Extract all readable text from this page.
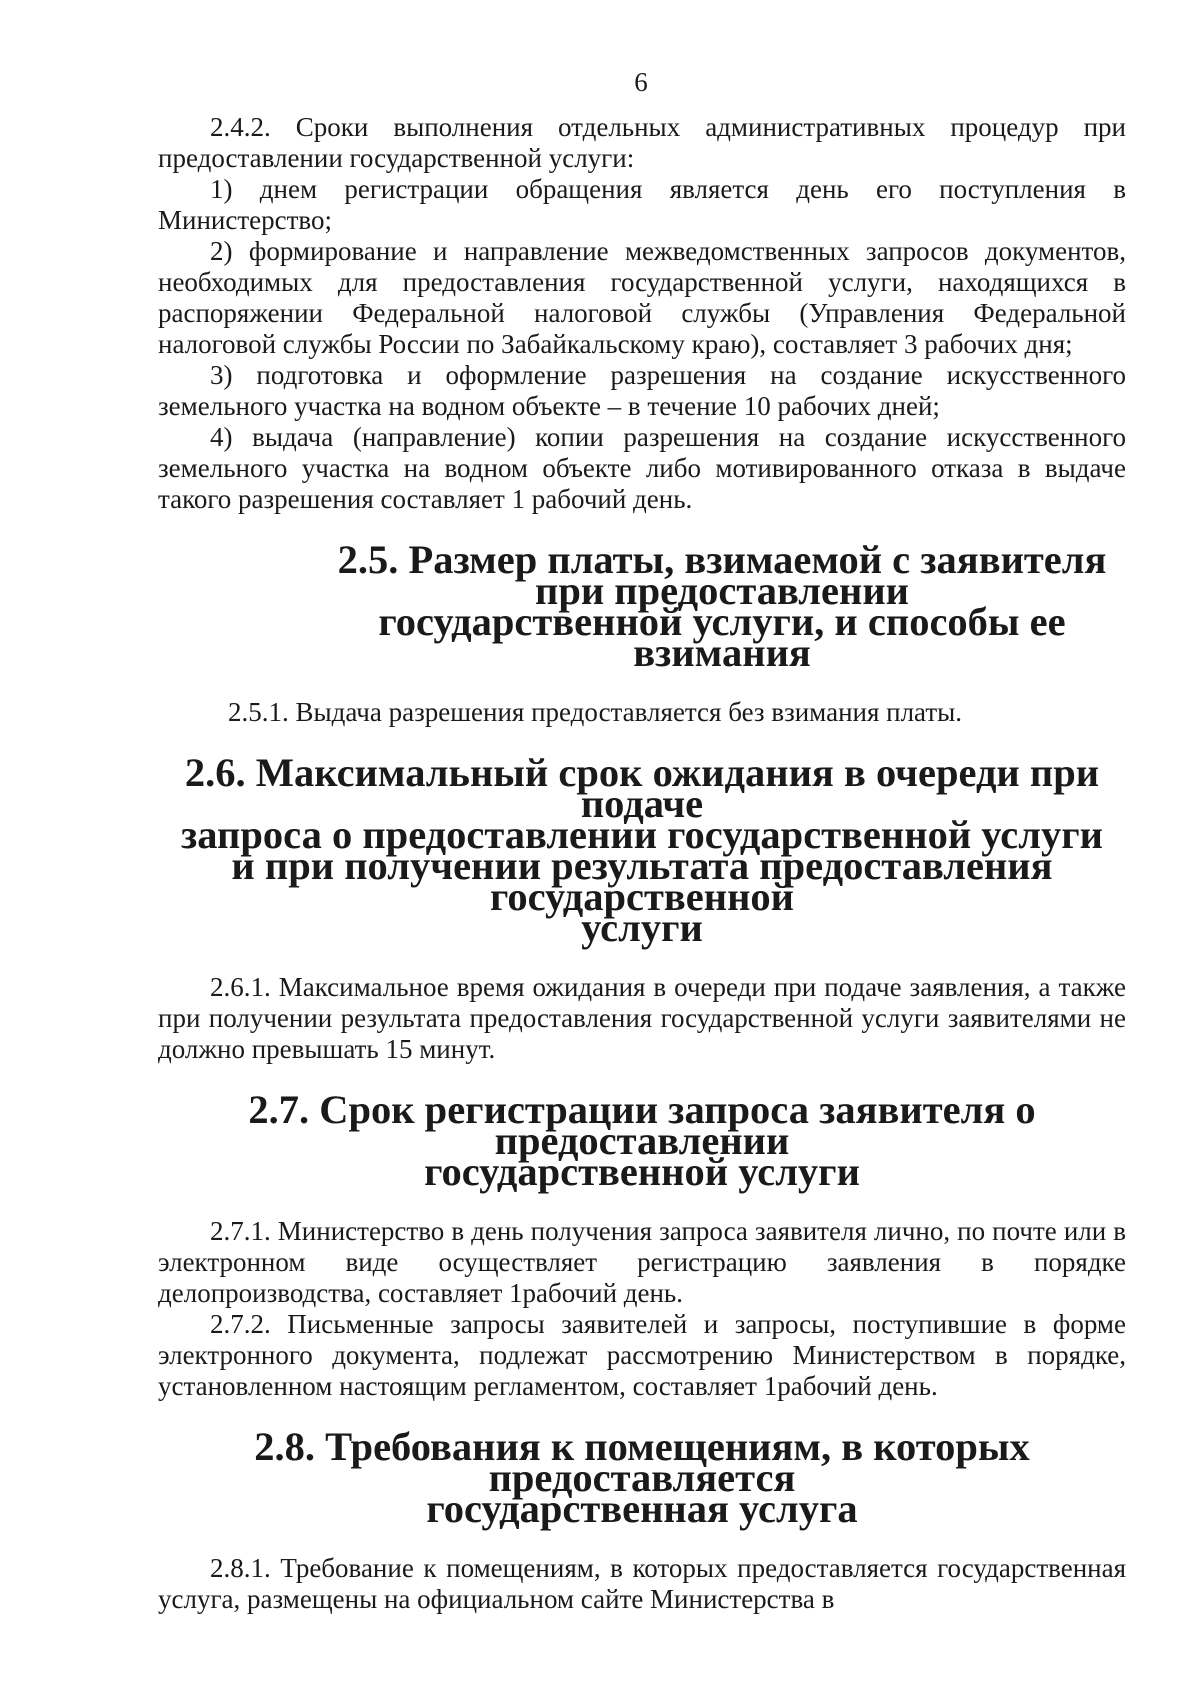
6

2.4.2. Сроки выполнения отдельных административных процедур при предоставлении государственной услуги:

1) днем регистрации обращения является день его поступления в Министерство;

2) формирование и направление межведомственных запросов документов, необходимых для предоставления государственной услуги, находящихся в распоряжении Федеральной налоговой службы (Управления Федеральной налоговой службы России по Забайкальскому краю), составляет 3 рабочих дня;

3) подготовка и оформление разрешения на создание искусственного земельного участка на водном объекте – в течение 10 рабочих дней;

4) выдача (направление) копии разрешения на создание искусственного земельного участка на водном объекте либо мотивированного отказа в выдаче такого разрешения составляет 1 рабочий день.

2.5. Размер платы, взимаемой с заявителя при предоставлении
государственной услуги, и способы ее взимания

2.5.1. Выдача разрешения предоставляется без взимания платы.

2.6. Максимальный срок ожидания в очереди при подаче
запроса о предоставлении государственной услуги
и при получении результата предоставления государственной
услуги

2.6.1. Максимальное время ожидания в очереди при подаче заявления, а также при получении результата предоставления государственной услуги заявителями не должно превышать 15 минут.

2.7. Срок регистрации запроса заявителя о предоставлении
государственной услуги

2.7.1. Министерство в день получения запроса заявителя лично, по почте или в электронном виде осуществляет регистрацию заявления в порядке делопроизводства, составляет 1рабочий день.

2.7.2. Письменные запросы заявителей и запросы, поступившие в форме электронного документа, подлежат рассмотрению Министерством в порядке, установленном настоящим регламентом, составляет 1рабочий день.

2.8. Требования к помещениям, в которых предоставляется
государственная услуга

2.8.1. Требование к помещениям, в которых предоставляется государственная услуга, размещены на официальном сайте Министерства в
